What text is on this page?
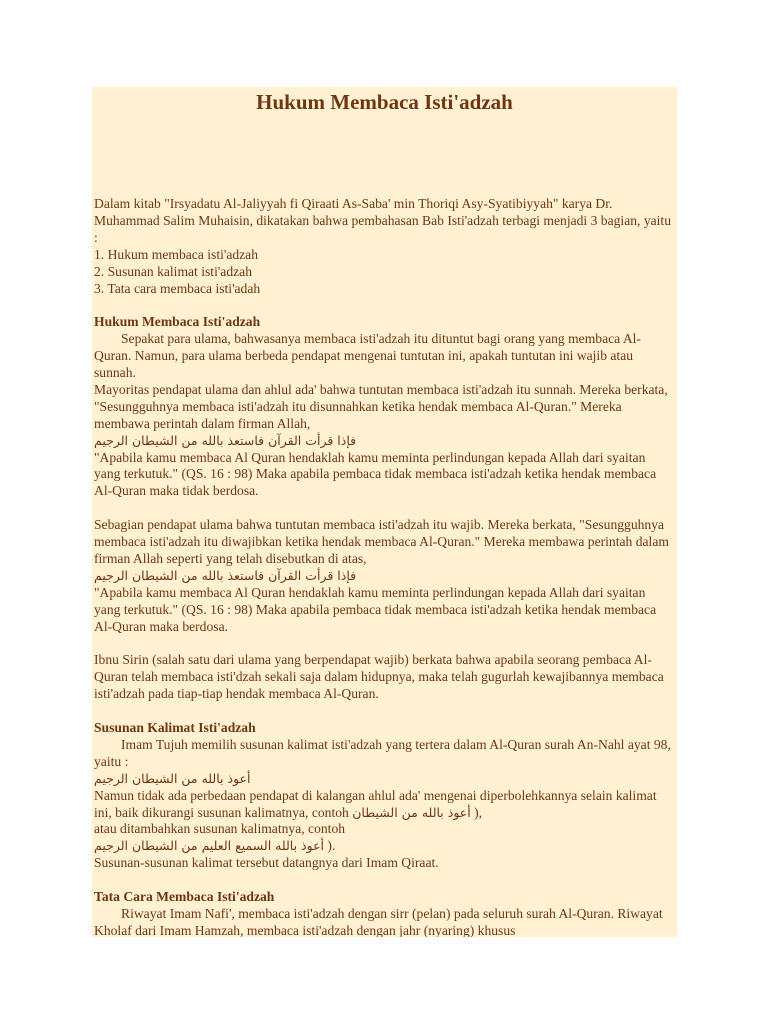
Hukum Membaca Isti'adzah

Dalam kitab "Irsyadatu Al-Jaliyyah fi Qiraati As-Saba' min Thoriqi Asy-Syatibiyyah" karya Dr. Muhammad Salim Muhaisin, dikatakan bahwa pembahasan Bab Isti'adzah terbagi menjadi 3 bagian, yaitu :

1. Hukum membaca isti'adzah

2. Susunan kalimat isti'adzah

3. Tata cara membaca isti'adah

Hukum Membaca Isti'adzah

Sepakat para ulama, bahwasanya membaca isti'adzah itu dituntut bagi orang yang membaca Al-Quran. Namun, para ulama berbeda pendapat mengenai tuntutan ini, apakah tuntutan ini wajib atau sunnah.

Mayoritas pendapat ulama dan ahlul ada' bahwa tuntutan membaca isti'adzah itu sunnah. Mereka berkata, "Sesungguhnya membaca isti'adzah itu disunnahkan ketika hendak membaca Al-Quran." Mereka membawa perintah dalam firman Allah,

فإذا قرأت القرآن فاستعذ بالله من الشيطان الرجيم

"Apabila kamu membaca Al Quran hendaklah kamu meminta perlindungan kepada Allah dari syaitan yang terkutuk." (QS. 16 : 98) Maka apabila pembaca tidak membaca isti'adzah ketika hendak membaca Al-Quran maka tidak berdosa.

Sebagian pendapat ulama bahwa tuntutan membaca isti'adzah itu wajib. Mereka berkata, "Sesungguhnya membaca isti'adzah itu diwajibkan ketika hendak membaca Al-Quran." Mereka membawa perintah dalam firman Allah seperti yang telah disebutkan di atas,

فإذا قرأت القرآن فاستعذ بالله من الشيطان الرجيم

"Apabila kamu membaca Al Quran hendaklah kamu meminta perlindungan kepada Allah dari syaitan yang terkutuk." (QS. 16 : 98) Maka apabila pembaca tidak membaca isti'adzah ketika hendak membaca Al-Quran maka berdosa.

Ibnu Sirin (salah satu dari ulama yang berpendapat wajib) berkata bahwa apabila seorang pembaca Al-Quran telah membaca isti'dzah sekali saja dalam hidupnya, maka telah gugurlah kewajibannya membaca isti'adzah pada tiap-tiap hendak membaca Al-Quran.

Susunan Kalimat Isti'adzah

Imam Tujuh memilih susunan kalimat isti'adzah yang tertera dalam Al-Quran surah An-Nahl ayat 98, yaitu :

أعوذ بالله من الشيطان الرجيم

Namun tidak ada perbedaan pendapat di kalangan ahlul ada' mengenai diperbolehkannya selain kalimat ini, baik dikurangi susunan kalimatnya, contoh أعوذ بالله من الشيطان ),

atau ditambahkan susunan kalimatnya, contoh

أعوذ بالله السميع العليم من الشيطان الرجيم ).

Susunan-susunan kalimat tersebut datangnya dari Imam Qiraat.

Tata Cara Membaca Isti'adzah

Riwayat Imam Nafi', membaca isti'adzah dengan sirr (pelan) pada seluruh surah Al-Quran. Riwayat Kholaf dari Imam Hamzah, membaca isti'adzah dengan jahr (nyaring) khusus
